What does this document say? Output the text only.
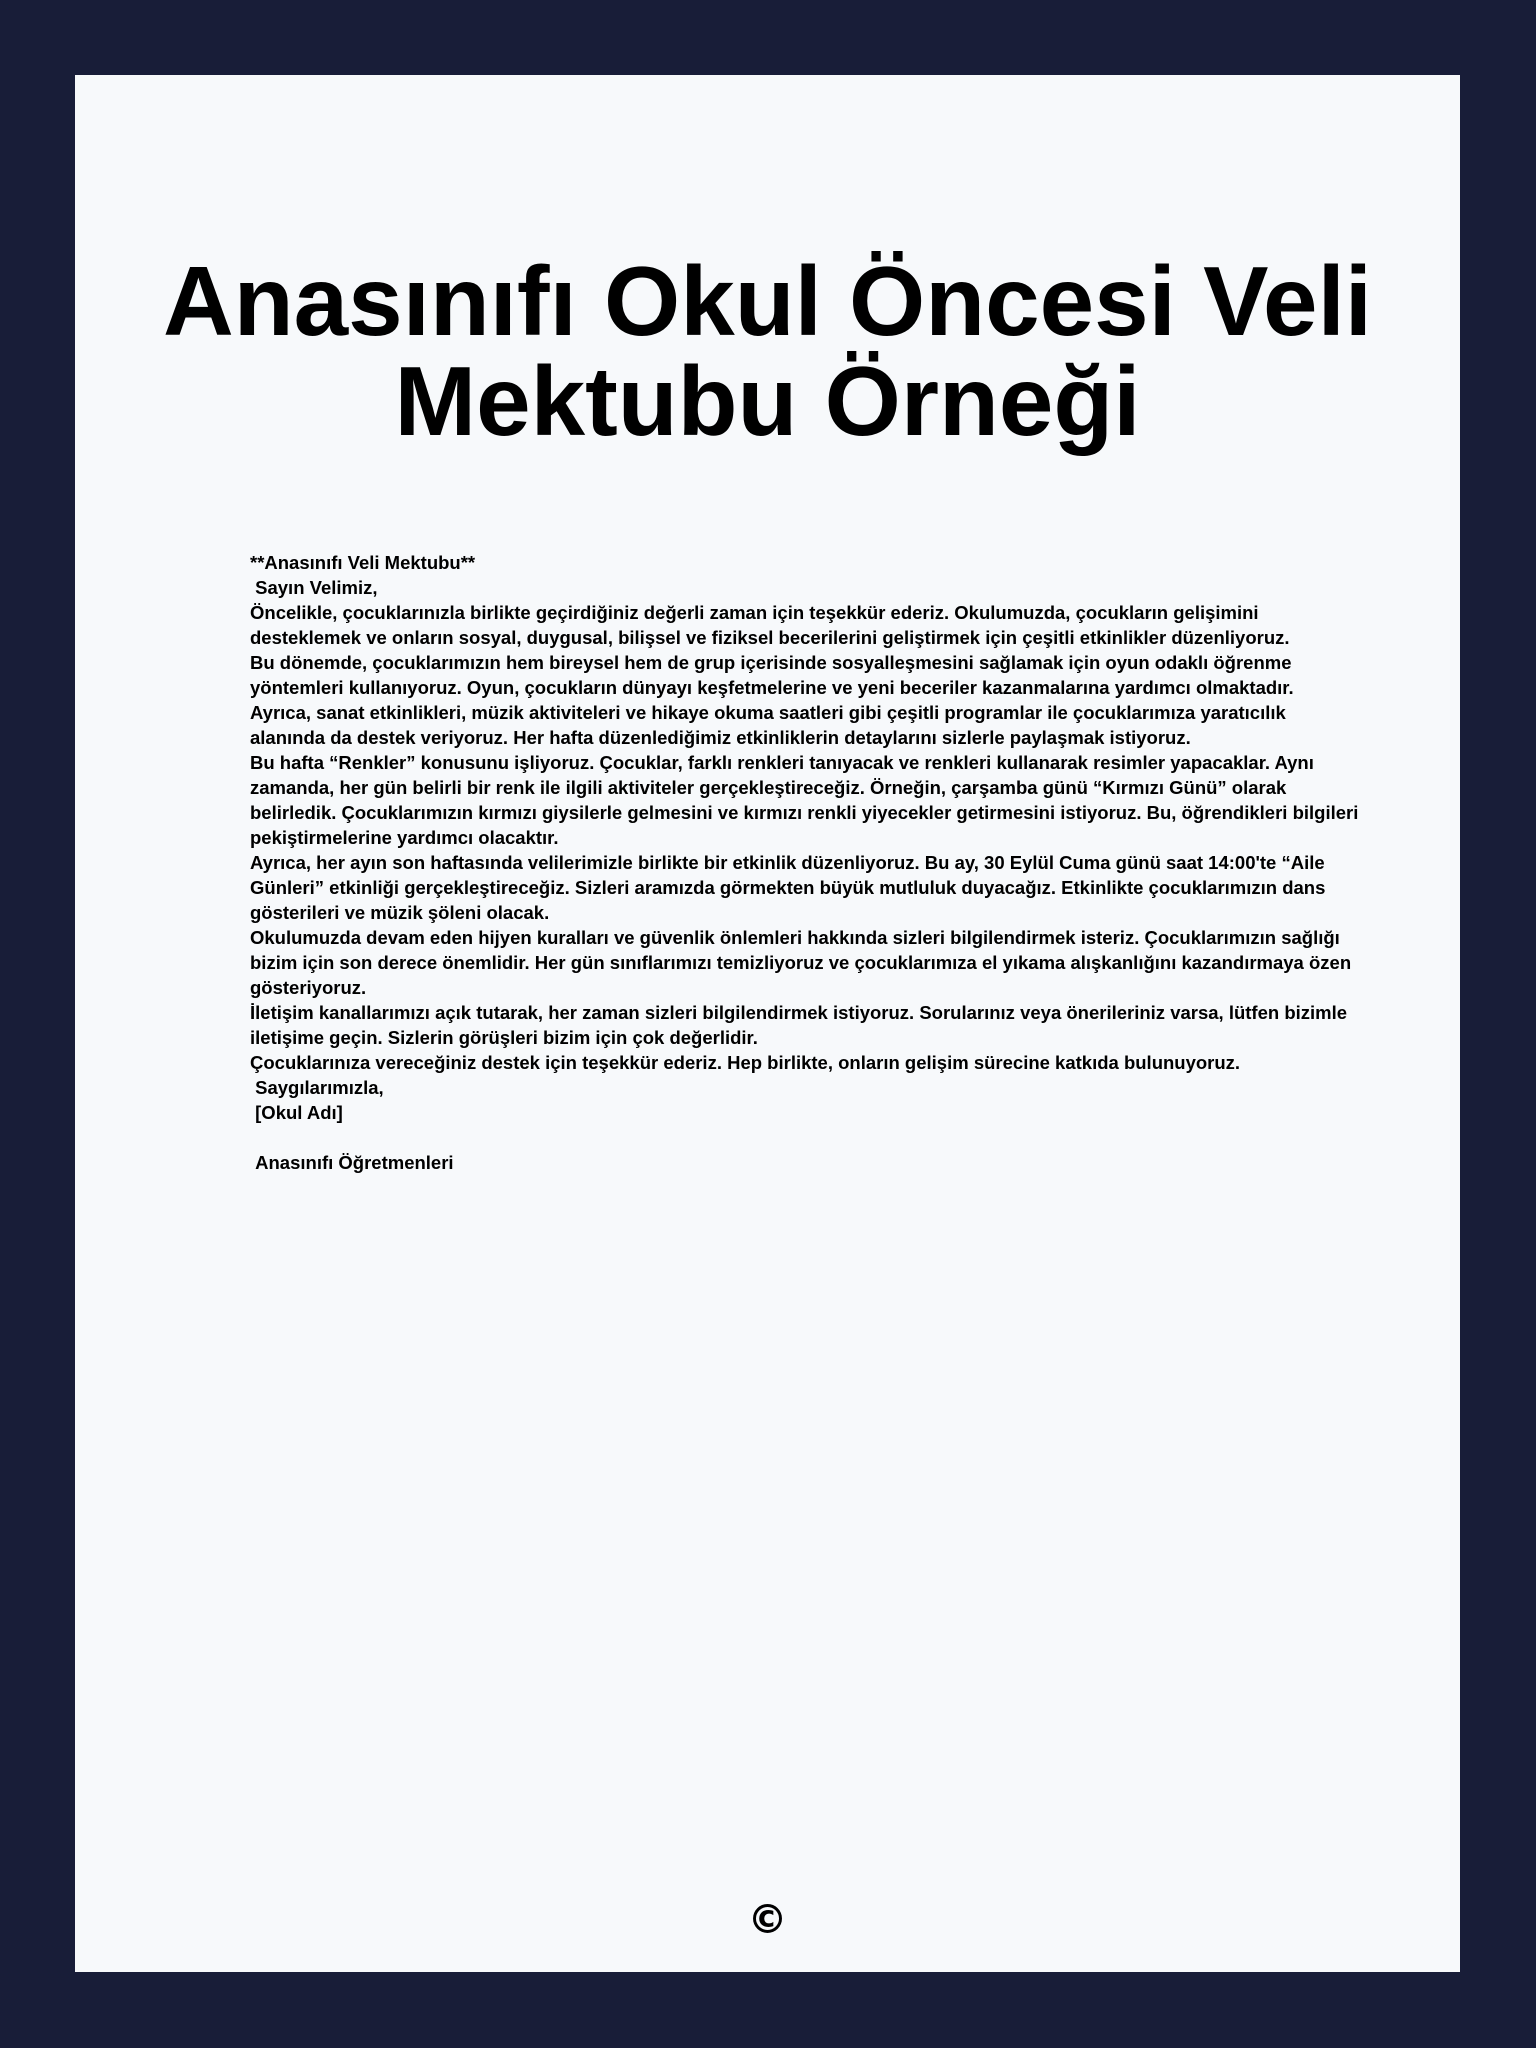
Anasınıfı Okul Öncesi Veli Mektubu Örneği
**Anasınıfı Veli Mektubu**
Sayın Velimiz,
Öncelikle, çocuklarınızla birlikte geçirdiğiniz değerli zaman için teşekkür ederiz. Okulumuzda, çocukların gelişimini desteklemek ve onların sosyal, duygusal, bilişsel ve fiziksel becerilerini geliştirmek için çeşitli etkinlikler düzenliyoruz.
Bu dönemde, çocuklarımızın hem bireysel hem de grup içerisinde sosyalleşmesini sağlamak için oyun odaklı öğrenme yöntemleri kullanıyoruz. Oyun, çocukların dünyayı keşfetmelerine ve yeni beceriler kazanmalarına yardımcı olmaktadır.
Ayrıca, sanat etkinlikleri, müzik aktiviteleri ve hikaye okuma saatleri gibi çeşitli programlar ile çocuklarımıza yaratıcılık alanında da destek veriyoruz. Her hafta düzenlediğimiz etkinliklerin detaylarını sizlerle paylaşmak istiyoruz.
Bu hafta “Renkler” konusunu işliyoruz. Çocuklar, farklı renkleri tanıyacak ve renkleri kullanarak resimler yapacaklar. Aynı zamanda, her gün belirli bir renk ile ilgili aktiviteler gerçekleştireceğiz. Örneğin, çarşamba günü “Kırmızı Günü” olarak belirledik. Çocuklarımızın kırmızı giysilerle gelmesini ve kırmızı renkli yiyecekler getirmesini istiyoruz. Bu, öğrendikleri bilgileri pekiştirmelerine yardımcı olacaktır.
Ayrıca, her ayın son haftasında velilerimizle birlikte bir etkinlik düzenliyoruz. Bu ay, 30 Eylül Cuma günü saat 14:00'te “Aile Günleri” etkinliği gerçekleştireceğiz. Sizleri aramızda görmekten büyük mutluluk duyacağız. Etkinlikte çocuklarımızın dans gösterileri ve müzik şöleni olacak.
Okulumuzda devam eden hijyen kuralları ve güvenlik önlemleri hakkında sizleri bilgilendirmek isteriz. Çocuklarımızın sağlığı bizim için son derece önemlidir. Her gün sınıflarımızı temizliyoruz ve çocuklarımıza el yıkama alışkanlığını kazandırmaya özen gösteriyoruz.
İletişim kanallarımızı açık tutarak, her zaman sizleri bilgilendirmek istiyoruz. Sorularınız veya önerileriniz varsa, lütfen bizimle iletişime geçin. Sizlerin görüşleri bizim için çok değerlidir.
Çocuklarınıza vereceğiniz destek için teşekkür ederiz. Hep birlikte, onların gelişim sürecine katkıda bulunuyoruz.
Saygılarımızla,
[Okul Adı]
Anasınıfı Öğretmenleri
©
